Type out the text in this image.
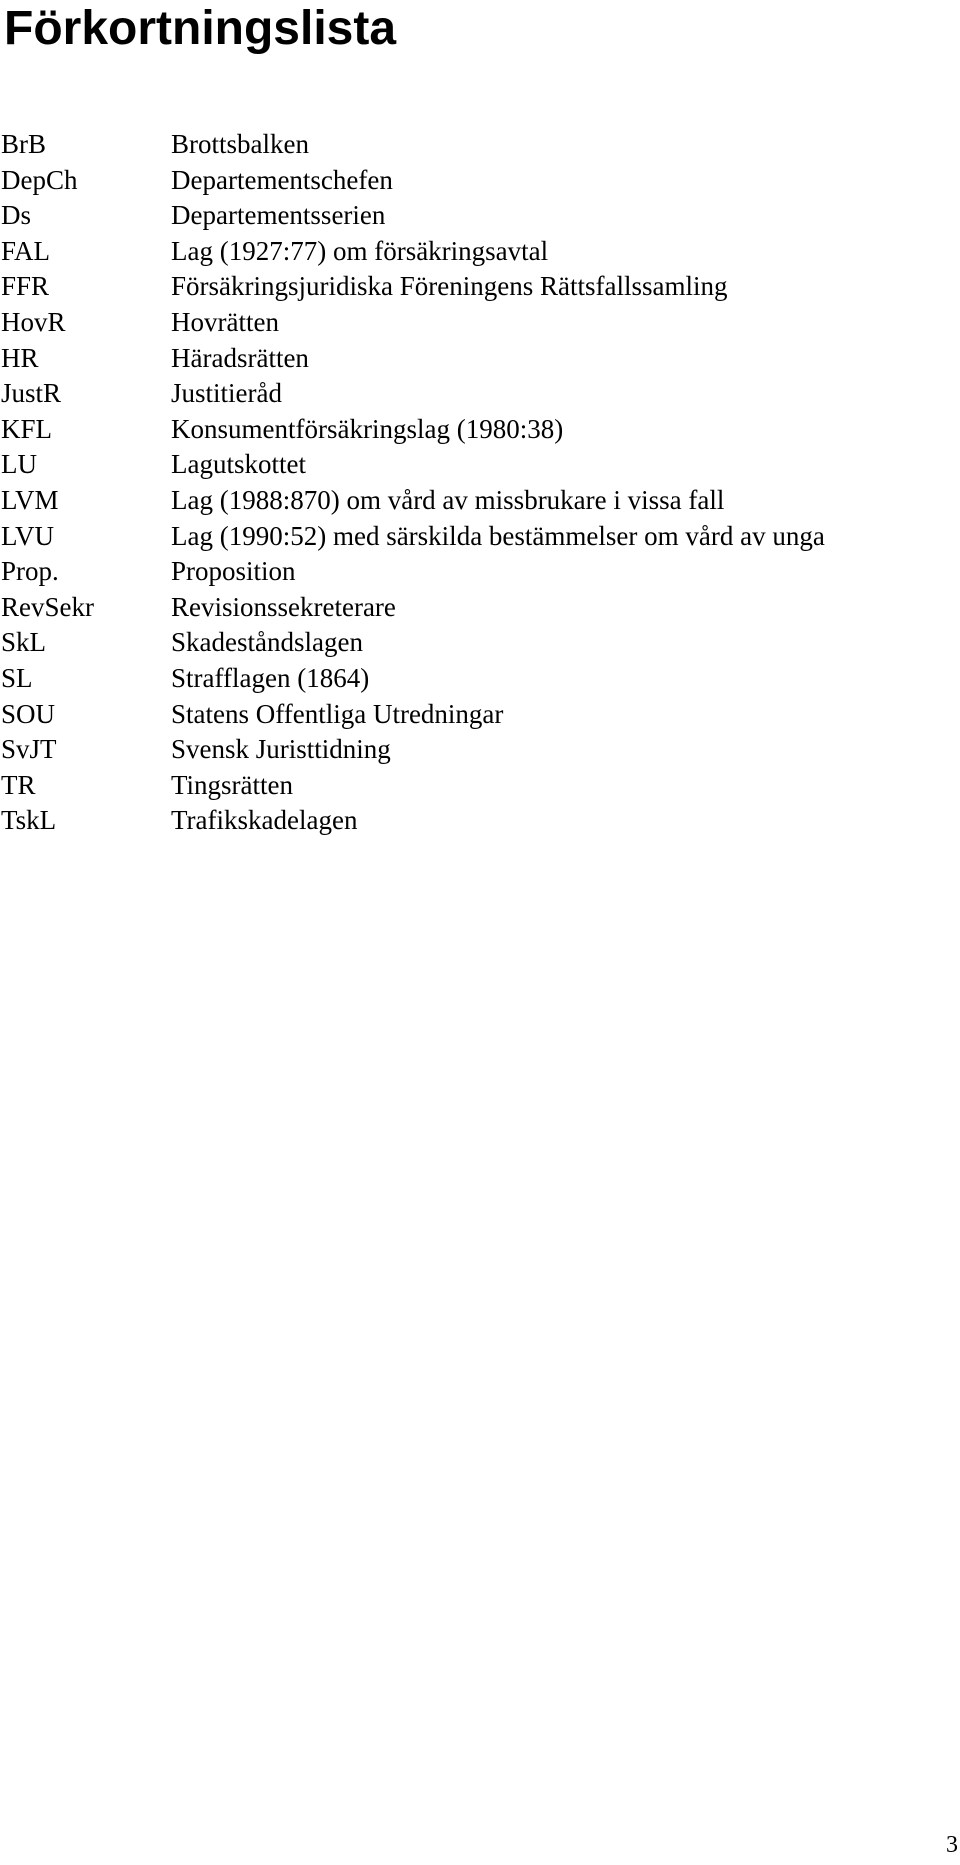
Förkortningslista
BrB	Brottsbalken
DepCh	Departementschefen
Ds	Departementsserien
FAL	Lag (1927:77) om försäkringsavtal
FFR	Försäkringsjuridiska Föreningens Rättsfallssamling
HovR	Hovrätten
HR	Häradsrätten
JustR	Justitieråd
KFL	Konsumentförsäkringslag (1980:38)
LU	Lagutskottet
LVM	Lag (1988:870) om vård av missbrukare i vissa fall
LVU	Lag (1990:52) med särskilda bestämmelser om vård av unga
Prop.	Proposition
RevSekr	Revisionssekreterare
SkL	Skadeståndslagen
SL	Strafflagen (1864)
SOU	Statens Offentliga Utredningar
SvJT	Svensk Juristtidning
TR	Tingsrätten
TskL	Trafikskadelagen
3
